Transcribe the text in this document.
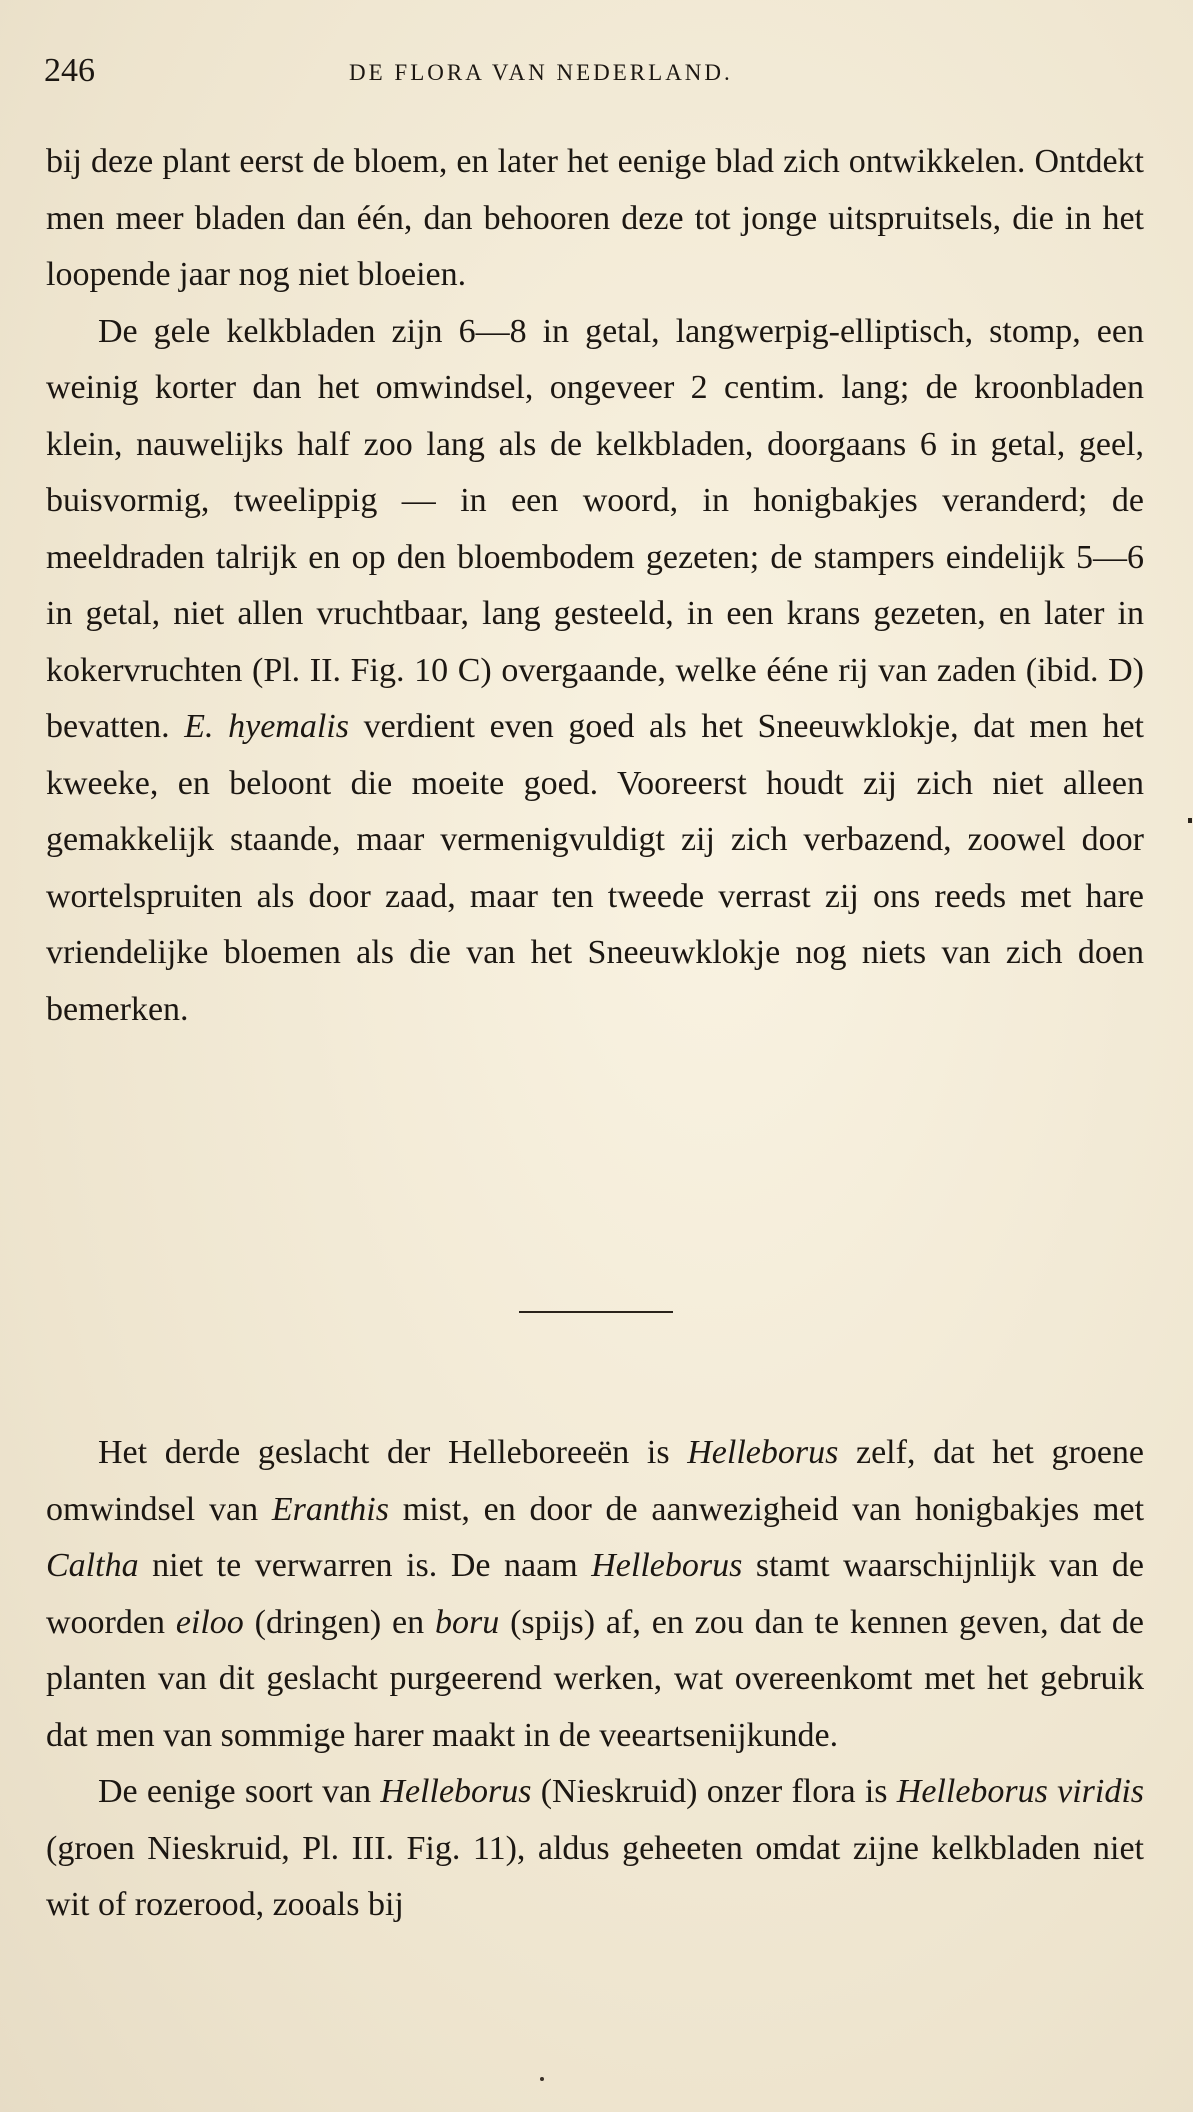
246	DE FLORA VAN NEDERLAND.

bij deze plant eerst de bloem, en later het eenige blad zich ontwikkelen. Ontdekt men meer bladen dan één, dan behooren deze tot jonge uitspruitsels, die in het loopende jaar nog niet bloeien.

De gele kelkbladen zijn 6—8 in getal, langwerpig-elliptisch, stomp, een weinig korter dan het omwindsel, ongeveer 2 centim. lang; de kroonbladen klein, nauwelijks half zoo lang als de kelkbladen, doorgaans 6 in getal, geel, buisvormig, tweelippig — in een woord, in honigbakjes veranderd; de meeldraden talrijk en op den bloembodem gezeten; de stampers eindelijk 5—6 in getal, niet allen vruchtbaar, lang gesteeld, in een krans gezeten, en later in kokervruchten (Pl. II. Fig. 10 C) overgaande, welke ééne rij van zaden (ibid. D) bevatten. E. hyemalis verdient even goed als het Sneeuwklokje, dat men het kweeke, en beloont die moeite goed. Vooreerst houdt zij zich niet alleen gemakkelijk staande, maar vermenigvuldigt zij zich verbazend, zoowel door wortelspruiten als door zaad, maar ten tweede verrast zij ons reeds met hare vriendelijke bloemen als die van het Sneeuwklokje nog niets van zich doen bemerken.

Het derde geslacht der Helleboreeën is Helleborus zelf, dat het groene omwindsel van Eranthis mist, en door de aanwezigheid van honigbakjes met Caltha niet te verwarren is. De naam Helleborus stamt waarschijnlijk van de woorden eiloo (dringen) en boru (spijs) af, en zou dan te kennen geven, dat de planten van dit geslacht purgeerend werken, wat overeenkomt met het gebruik dat men van sommige harer maakt in de veeartsenijkunde.

De eenige soort van Helleborus (Nieskruid) onzer flora is Helleborus viridis (groen Nieskruid, Pl. III. Fig. 11), aldus geheeten omdat zijne kelkbladen niet wit of rozerood, zooals bij
